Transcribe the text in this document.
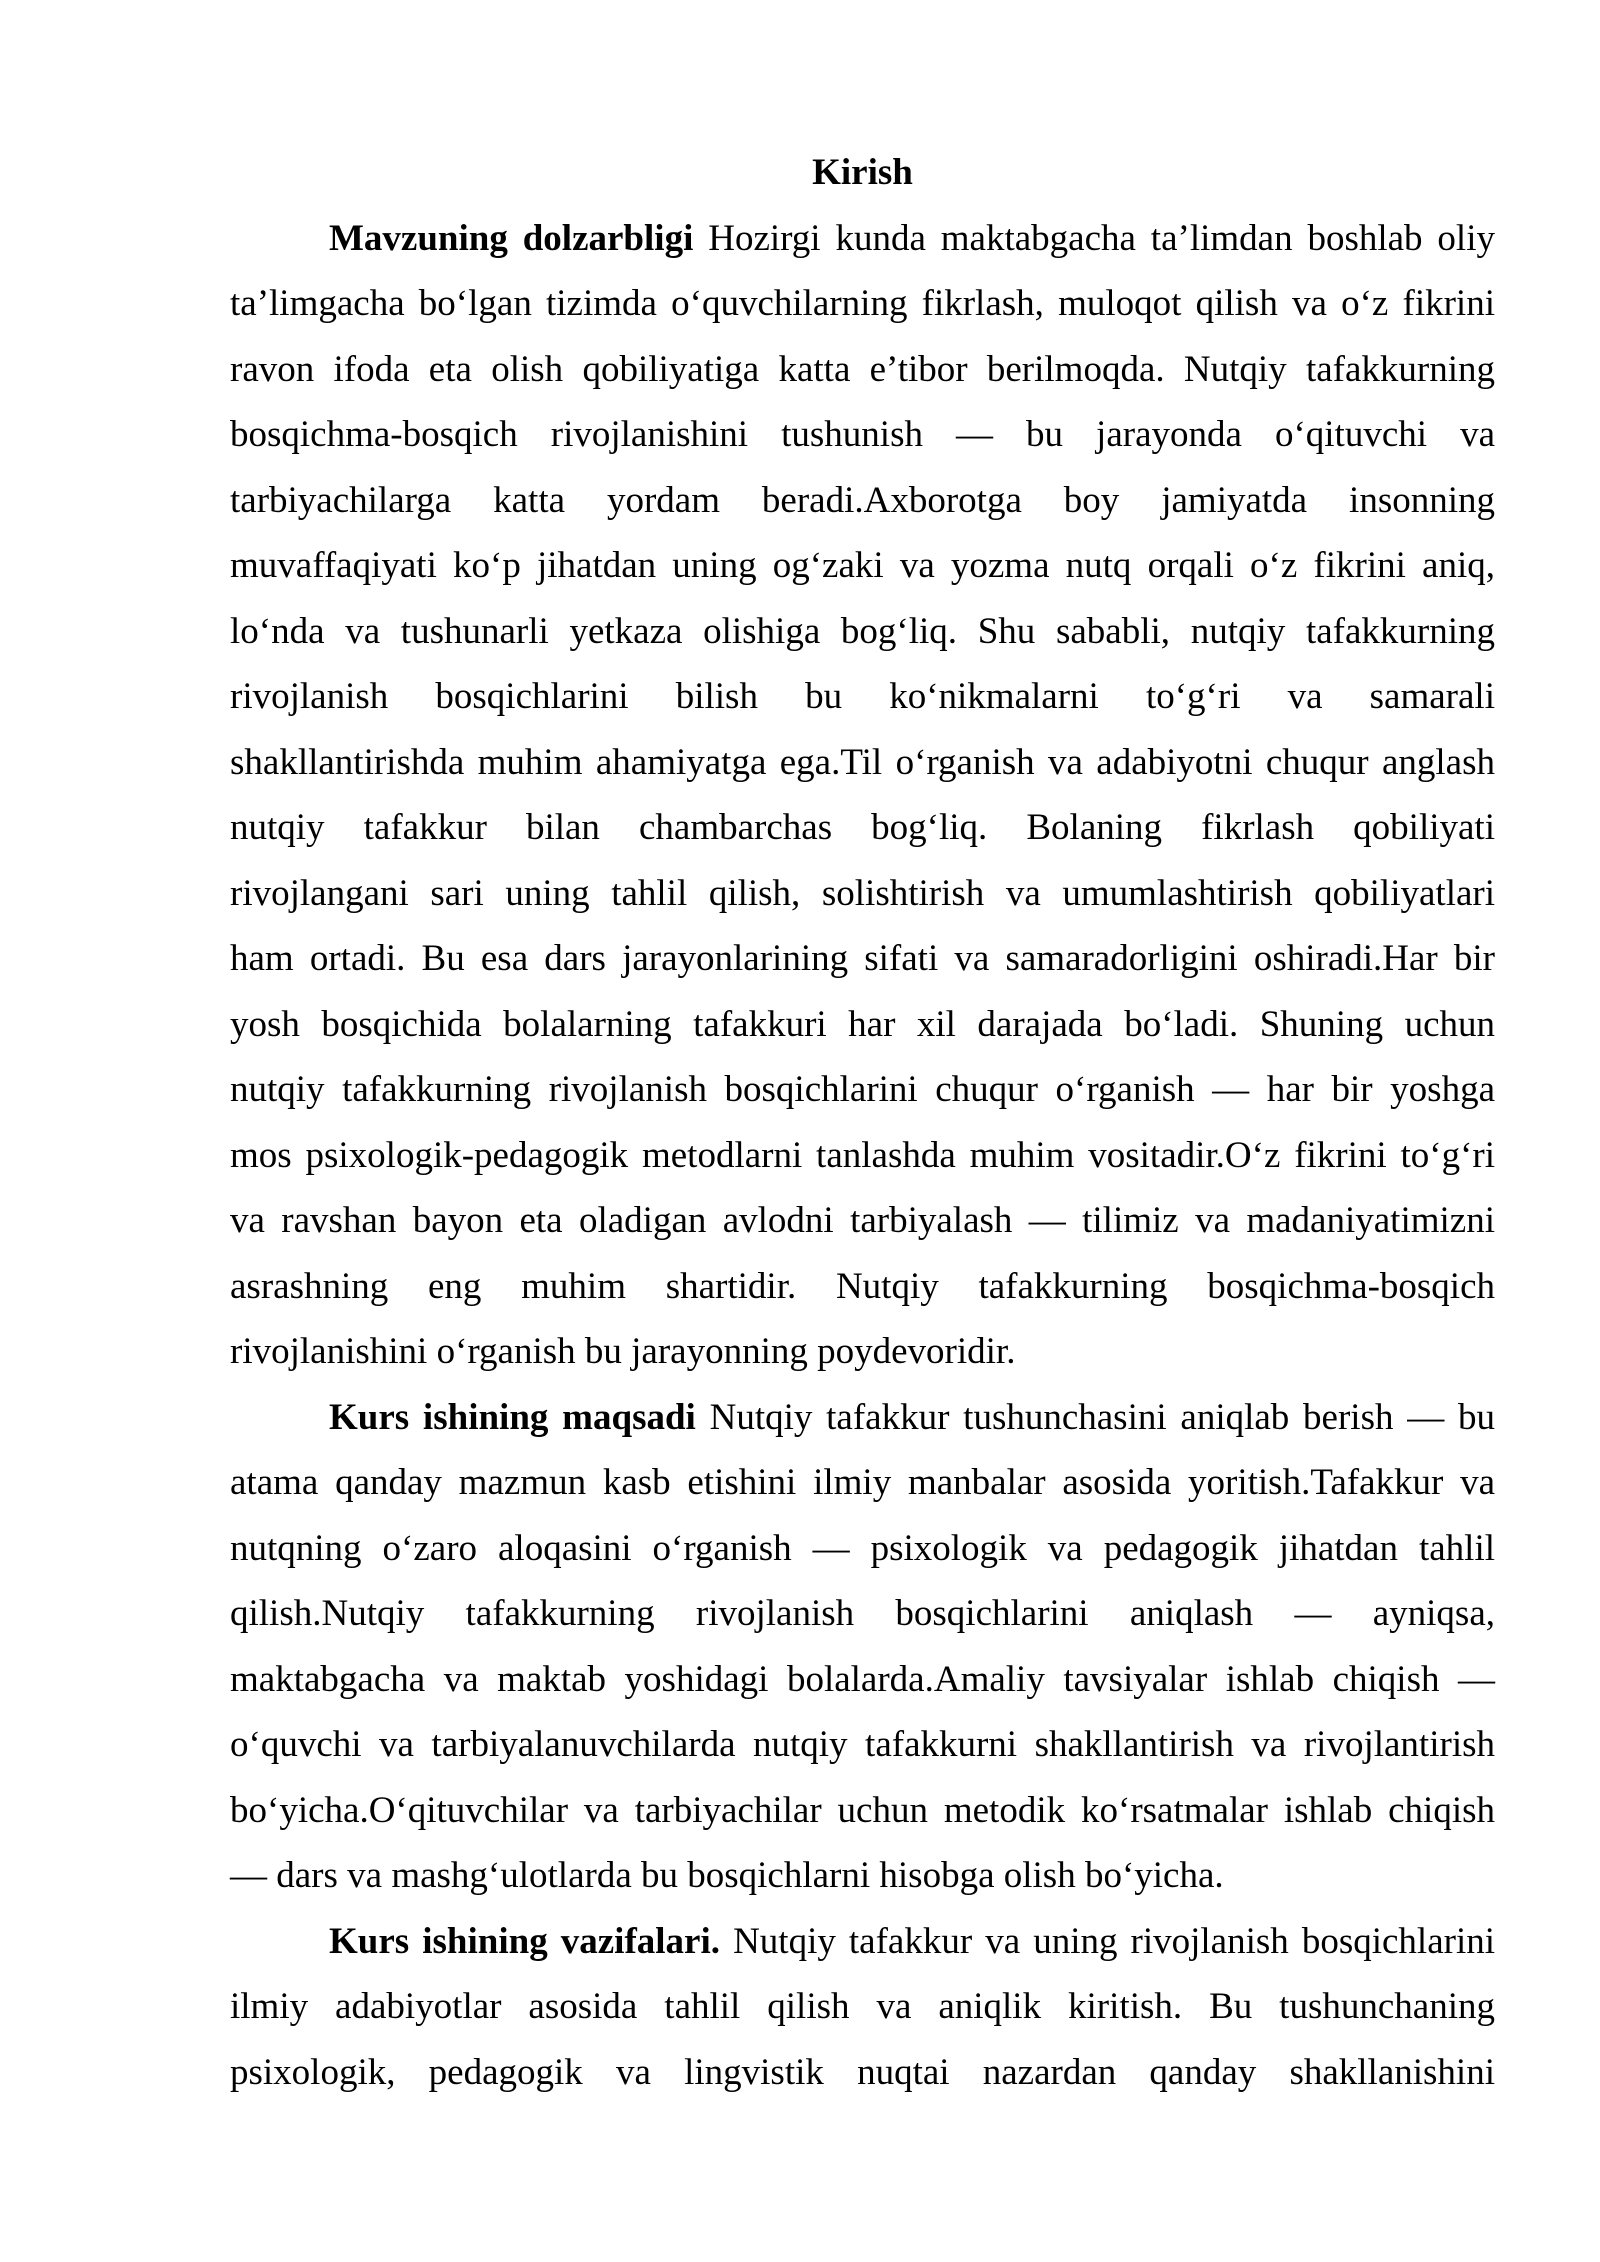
Kirish
Mavzuning dolzarbligi Hozirgi kunda maktabgacha ta’limdan boshlab oliy
ta’limgacha bo‘lgan tizimda o‘quvchilarning fikrlash, muloqot qilish va o‘z fikrini
ravon ifoda eta olish qobiliyatiga katta e’tibor berilmoqda. Nutqiy tafakkurning
bosqichma-bosqich rivojlanishini tushunish — bu jarayonda o‘qituvchi va
tarbiyachilarga katta yordam beradi.Axborotga boy jamiyatda insonning
muvaffaqiyati ko‘p jihatdan uning og‘zaki va yozma nutq orqali o‘z fikrini aniq,
lo‘nda va tushunarli yetkaza olishiga bog‘liq. Shu sababli, nutqiy tafakkurning
rivojlanish bosqichlarini bilish bu ko‘nikmalarni to‘g‘ri va samarali
shakllantirishda muhim ahamiyatga ega.Til o‘rganish va adabiyotni chuqur anglash
nutqiy tafakkur bilan chambarchas bog‘liq. Bolaning fikrlash qobiliyati
rivojlangani sari uning tahlil qilish, solishtirish va umumlashtirish qobiliyatlari
ham ortadi. Bu esa dars jarayonlarining sifati va samaradorligini oshiradi.Har bir
yosh bosqichida bolalarning tafakkuri har xil darajada bo‘ladi. Shuning uchun
nutqiy tafakkurning rivojlanish bosqichlarini chuqur o‘rganish — har bir yoshga
mos psixologik-pedagogik metodlarni tanlashda muhim vositadir.O‘z fikrini to‘g‘ri
va ravshan bayon eta oladigan avlodni tarbiyalash — tilimiz va madaniyatimizni
asrashning eng muhim shartidir. Nutqiy tafakkurning bosqichma-bosqich
rivojlanishini o‘rganish bu jarayonning poydevoridir.
Kurs ishining maqsadi Nutqiy tafakkur tushunchasini aniqlab berish — bu
atama qanday mazmun kasb etishini ilmiy manbalar asosida yoritish.Tafakkur va
nutqning o‘zaro aloqasini o‘rganish — psixologik va pedagogik jihatdan tahlil
qilish.Nutqiy tafakkurning rivojlanish bosqichlarini aniqlash — ayniqsa,
maktabgacha va maktab yoshidagi bolalarda.Amaliy tavsiyalar ishlab chiqish —
o‘quvchi va tarbiyalanuvchilarda nutqiy tafakkurni shakllantirish va rivojlantirish
bo‘yicha.O‘qituvchilar va tarbiyachilar uchun metodik ko‘rsatmalar ishlab chiqish
— dars va mashg‘ulotlarda bu bosqichlarni hisobga olish bo‘yicha.
Kurs ishining vazifalari. Nutqiy tafakkur va uning rivojlanish bosqichlarini
ilmiy adabiyotlar asosida tahlil qilish va aniqlik kiritish. Bu tushunchaning
psixologik, pedagogik va lingvistik nuqtai nazardan qanday shakllanishini
